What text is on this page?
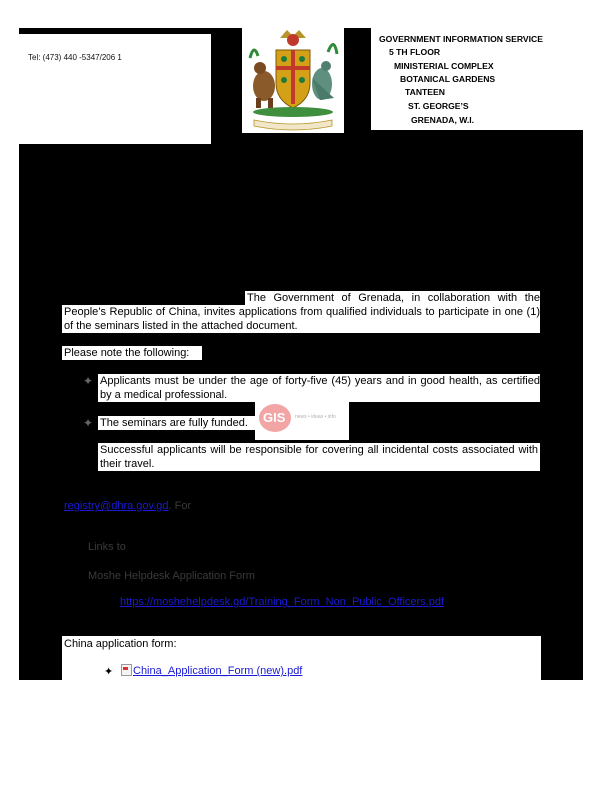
Tel: (473) 440 -5347/206 1
GOVERNMENT INFORMATION SERVICE
5 TH FLOOR
MINISTERIAL COMPLEX
BOTANICAL GARDENS
TANTEEN
ST. GEORGE’S
GRENADA, W.I.
The Government of Grenada, in collaboration with the People’s Republic of China, invites applications from qualified individuals to participate in one (1) of the seminars listed in the attached document.
Please note the following:
✦ Applicants must be under the age of forty-five (45) years and in good health, as certified by a medical professional.
✦ The seminars are fully funded. GIS news • ideas • info
Successful applicants will be responsible for covering all incidental costs associated with their travel.
registry@dhra.gov.gd. For
Links to
Moshe Helpdesk Application Form
https://moshehelpdesk.gd/Training_Form_Non_Public_Officers.pdf
China application form:
✦ China_Application_Form (new).pdf
